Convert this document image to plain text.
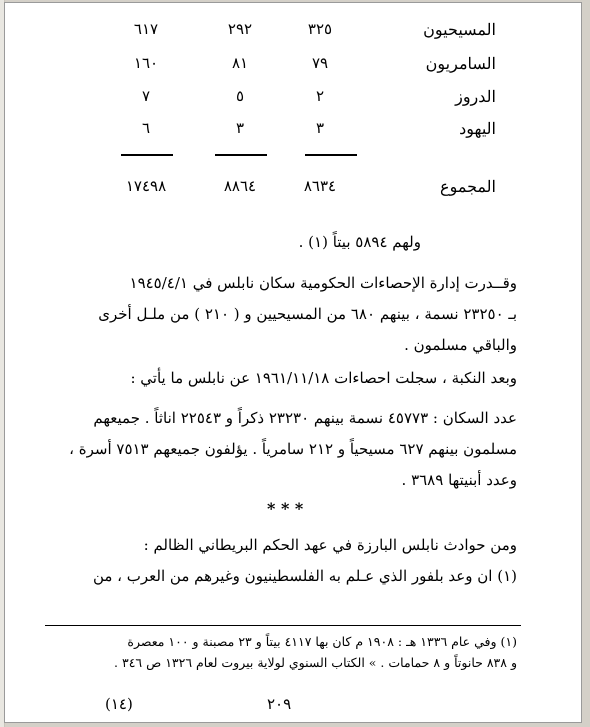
المسيحيون
٣٢٥
٢٩٢
٦١٧
السامريون
٧٩
٨١
١٦٠
الدروز
٢
٥
٧
اليهود
٣
٣
٦
المجموع
٨٦٣٤
٨٨٦٤
١٧٤٩٨
ولهم ٥٨٩٤ بيتاً (١) .
وقــدرت إدارة الإحصاءات الحكومية سكان نابلس في ١٩٤٥/٤/١
بـ ٢٣٢٥٠ نسمة ، بينهم ٦٨٠ من المسيحيين و ( ٢١٠ ) من ملـل أخرى
والباقي مسلمون .
وبعد النكبة ، سجلت احصاءات ١٩٦١/١١/١٨ عن نابلس ما يأتي :
عدد السكان : ٤٥٧٧٣ نسمة بينهم ٢٣٢٣٠ ذكراً و ٢٢٥٤٣ اناثاً . جميعهم
مسلمون بينهم ٦٢٧ مسيحياً و ٢١٢ سامرياً . يؤلفون جميعهم ٧٥١٣ أسرة ،
وعدد أبنيتها ٣٦٨٩ .
* * *
ومن حوادث نابلس البارزة في عهد الحكم البريطاني الظالم :
(١) ان وعد بلفور الذي عـلم به الفلسطينيون وغيرهم من العرب ، من
(١) وفي عام ١٣٣٦ هـ : ١٩٠٨ م كان بها ٤١١٧ بيتاً و ٢٣ مصبنة و ١٠٠ معصرة
و ٨٣٨ حانوتاً و ٨ حمامات . » الكتاب السنوي لولاية بيروت لعام ١٣٢٦ ص ٣٤٦ .
٢٠٩
(١٤)
